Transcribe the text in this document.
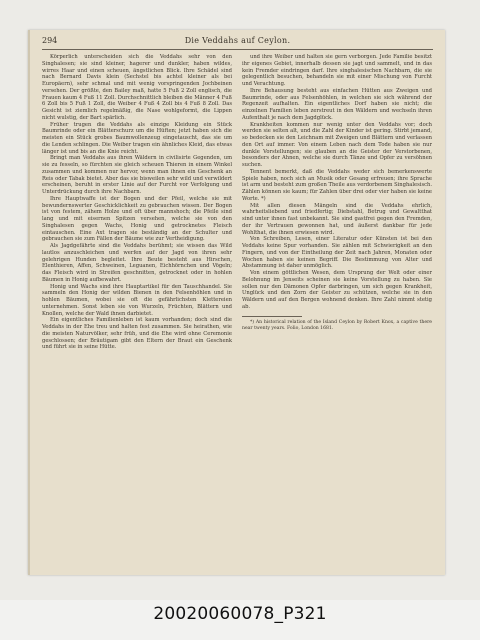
294	Die Veddahs auf Ceylon.

Körperlich unterscheiden sich die Veddahs sehr von den Singhalesen; sie sind kleiner, hagerer und dunkler, haben wildes, wirres Haar und einen scheuen, ängstlichen Blick. Ihre Schädel sind nach Bernard Davis klein (Sechstel bis achtel kleiner als bei Europäern), sehr schmal und mit wenig vorspringenden Jochbeinen versehen. Der größte, den Bailey maß, hatte 5 Fuß 2 Zoll englisch, die Frauen kaum 4 Fuß 11 Zoll. Durchschnittlich bleiben die Männer 4 Fuß 6 Zoll bis 5 Fuß 1 Zoll, die Weiber 4 Fuß 4 Zoll bis 4 Fuß 8 Zoll. Das Gesicht ist ziemlich regelmäßig, die Nase wohlgeformt, die Lippen nicht wulstig, der Bart spärlich.

Früher trugen die Veddahs als einzige Kleidung ein Stück Baumrinde oder ein Blätterschurz um die Hüften; jetzt haben sich die meisten ein Stück grobes Baumwollenzeug eingetauscht, das sie um die Lenden schlingen. Die Weiber tragen ein ähnliches Kleid, das etwas länger ist und bis an die Knie reicht.

Bringt man Veddahs aus ihren Wäldern in civilisirte Gegenden, um sie zu fesseln, so fürchten sie gleich scheuen Thieren in einem Winkel zusammen und kommen nur hervor, wenn man ihnen ein Geschenk an Reis oder Tabak bietet. Aber das sie bisweilen sehr wild und verwildert erscheinen, beruht in erster Linie auf der Furcht vor Verfolgung und Unterdrückung durch ihre Nachbarn.

Ihre Hauptwaffe ist der Bogen und der Pfeil, welche sie mit bewundernswerter Geschicklichkeit zu gebrauchen wissen. Der Bogen ist von festem, zähem Holze und oft über mannshoch; die Pfeile sind lang und mit eisernen Spitzen versehen, welche sie von den Singhalesen gegen Wachs, Honig und getrocknetes Fleisch eintauschen. Eine Axt tragen sie beständig an der Schulter und gebrauchen sie zum Fällen der Bäume wie zur Vertheidigung.

Als Jagdgefährte sind die Veddahs berühmt; sie wissen das Wild lautlos anzuschleichen und werfen auf der Jagd von ihren sehr gelehrigen Hunden begleitet. Ihre Beute besteht aus Hirschen, Elenthieren, Affen, Schweinen, Leguanen, Eichhörnchen und Vögeln; das Fleisch wird in Streifen geschnitten, getrocknet oder in hohlen Bäumen in Honig aufbewahrt.

Honig und Wachs sind ihre Hauptartikel für den Tauschhandel. Sie sammeln den Honig der wilden Bienen in den Felsenhöhlen und in hohlen Bäumen, wobei sie oft die gefährlichsten Klettereien unternehmen. Sonst leben sie von Wurzeln, Früchten, Blättern und Knollen, welche der Wald ihnen darbietet.

Ein eigentliches Familienleben ist kaum vorhanden; doch sind die Veddahs in der Ehe treu und halten fest zusammen. Sie heirathen, wie die meisten Naturvölker, sehr früh, und die Ehe wird ohne Ceremonie geschlossen; der Bräutigam gibt den Eltern der Braut ein Geschenk und führt sie in seine Hütte.

und ihre Weiber und halten sie gern verborgen. Jede Familie besitzt ihr eigenes Gebiet, innerhalb dessen sie jagt und sammelt, und in das kein Fremder eindringen darf. Ihre singhalesischen Nachbarn, die sie gelegentlich besuchen, behandeln sie mit einer Mischung von Furcht und Verachtung.

Ihre Behausung besteht aus einfachen Hütten aus Zweigen und Baumrinde, oder aus Felsenhöhlen, in welchen sie sich während der Regenzeit aufhalten. Ein eigentliches Dorf haben sie nicht; die einzelnen Familien leben zerstreut in den Wäldern und wechseln ihren Aufenthalt je nach dem Jagdglück.

Krankheiten kommen nur wenig unter den Veddahs vor; doch werden sie selten alt, und die Zahl der Kinder ist gering. Stirbt jemand, so bedecken sie den Leichnam mit Zweigen und Blättern und verlassen den Ort auf immer. Von einem Leben nach dem Tode haben sie nur dunkle Vorstellungen; sie glauben an die Geister der Verstorbenen, besonders der Ahnen, welche sie durch Tänze und Opfer zu versöhnen suchen.

Tennent bemerkt, daß die Veddahs weder sich bemerkenswerte Spiele haben, noch sich an Musik oder Gesang erfreuen; ihre Sprache ist arm und besteht zum großen Theile aus verdorbenem Singhalesisch. Zählen können sie kaum; für Zahlen über drei oder vier haben sie keine Worte. *)

Mit allen diesen Mängeln sind die Veddahs ehrlich, wahrheitsliebend und friedfertig; Diebstahl, Betrug und Gewaltthat sind unter ihnen fast unbekannt. Sie sind gastfrei gegen den Fremden, der ihr Vertrauen gewonnen hat, und äußerst dankbar für jede Wohlthat, die ihnen erwiesen wird.

Von Schreiben, Lesen, einer Literatur oder Künsten ist bei den Veddahs keine Spur vorhanden. Sie zählen mit Schwierigkeit an den Fingern, und von der Eintheilung der Zeit nach Jahren, Monaten oder Wochen haben sie keinen Begriff. Die Bestimmung von Alter und Abstammung ist daher unmöglich.

Von einem göttlichen Wesen, dem Ursprung der Welt oder einer Belohnung im Jenseits scheinen sie keine Vorstellung zu haben. Sie sollen nur den Dämonen Opfer darbringen, um sich gegen Krankheit, Unglück und den Zorn der Geister zu schützen, welche sie in den Wäldern und auf den Bergen wohnend denken. Ihre Zahl nimmt stetig ab.

*) An historical relation of the Island Ceylon by Robert Knox, a captive there near twenty years. Folio, London 1681.

20020060078_P321
